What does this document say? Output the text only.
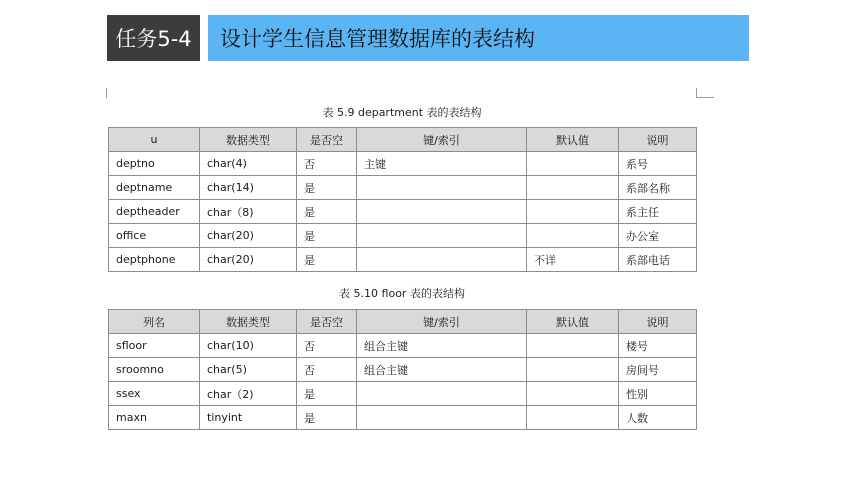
任务5-4	设计学生信息管理数据库的表结构
表 5.9 department 表的表结构
u	数据类型	是否空	键/索引	默认值	说明
deptno	char(4)	否	主键		系号
deptname	char(14)	是			系部名称
deptheader	char（8)	是			系主任
office	char(20)	是			办公室
deptphone	char(20)	是		不详	系部电话
表 5.10 floor 表的表结构
列名	数据类型	是否空	键/索引	默认值	说明
sfloor	char(10)	否	组合主键		楼号
sroomno	char(5)	否	组合主键		房间号
ssex	char（2)	是			性别
maxn	tinyint	是			人数
